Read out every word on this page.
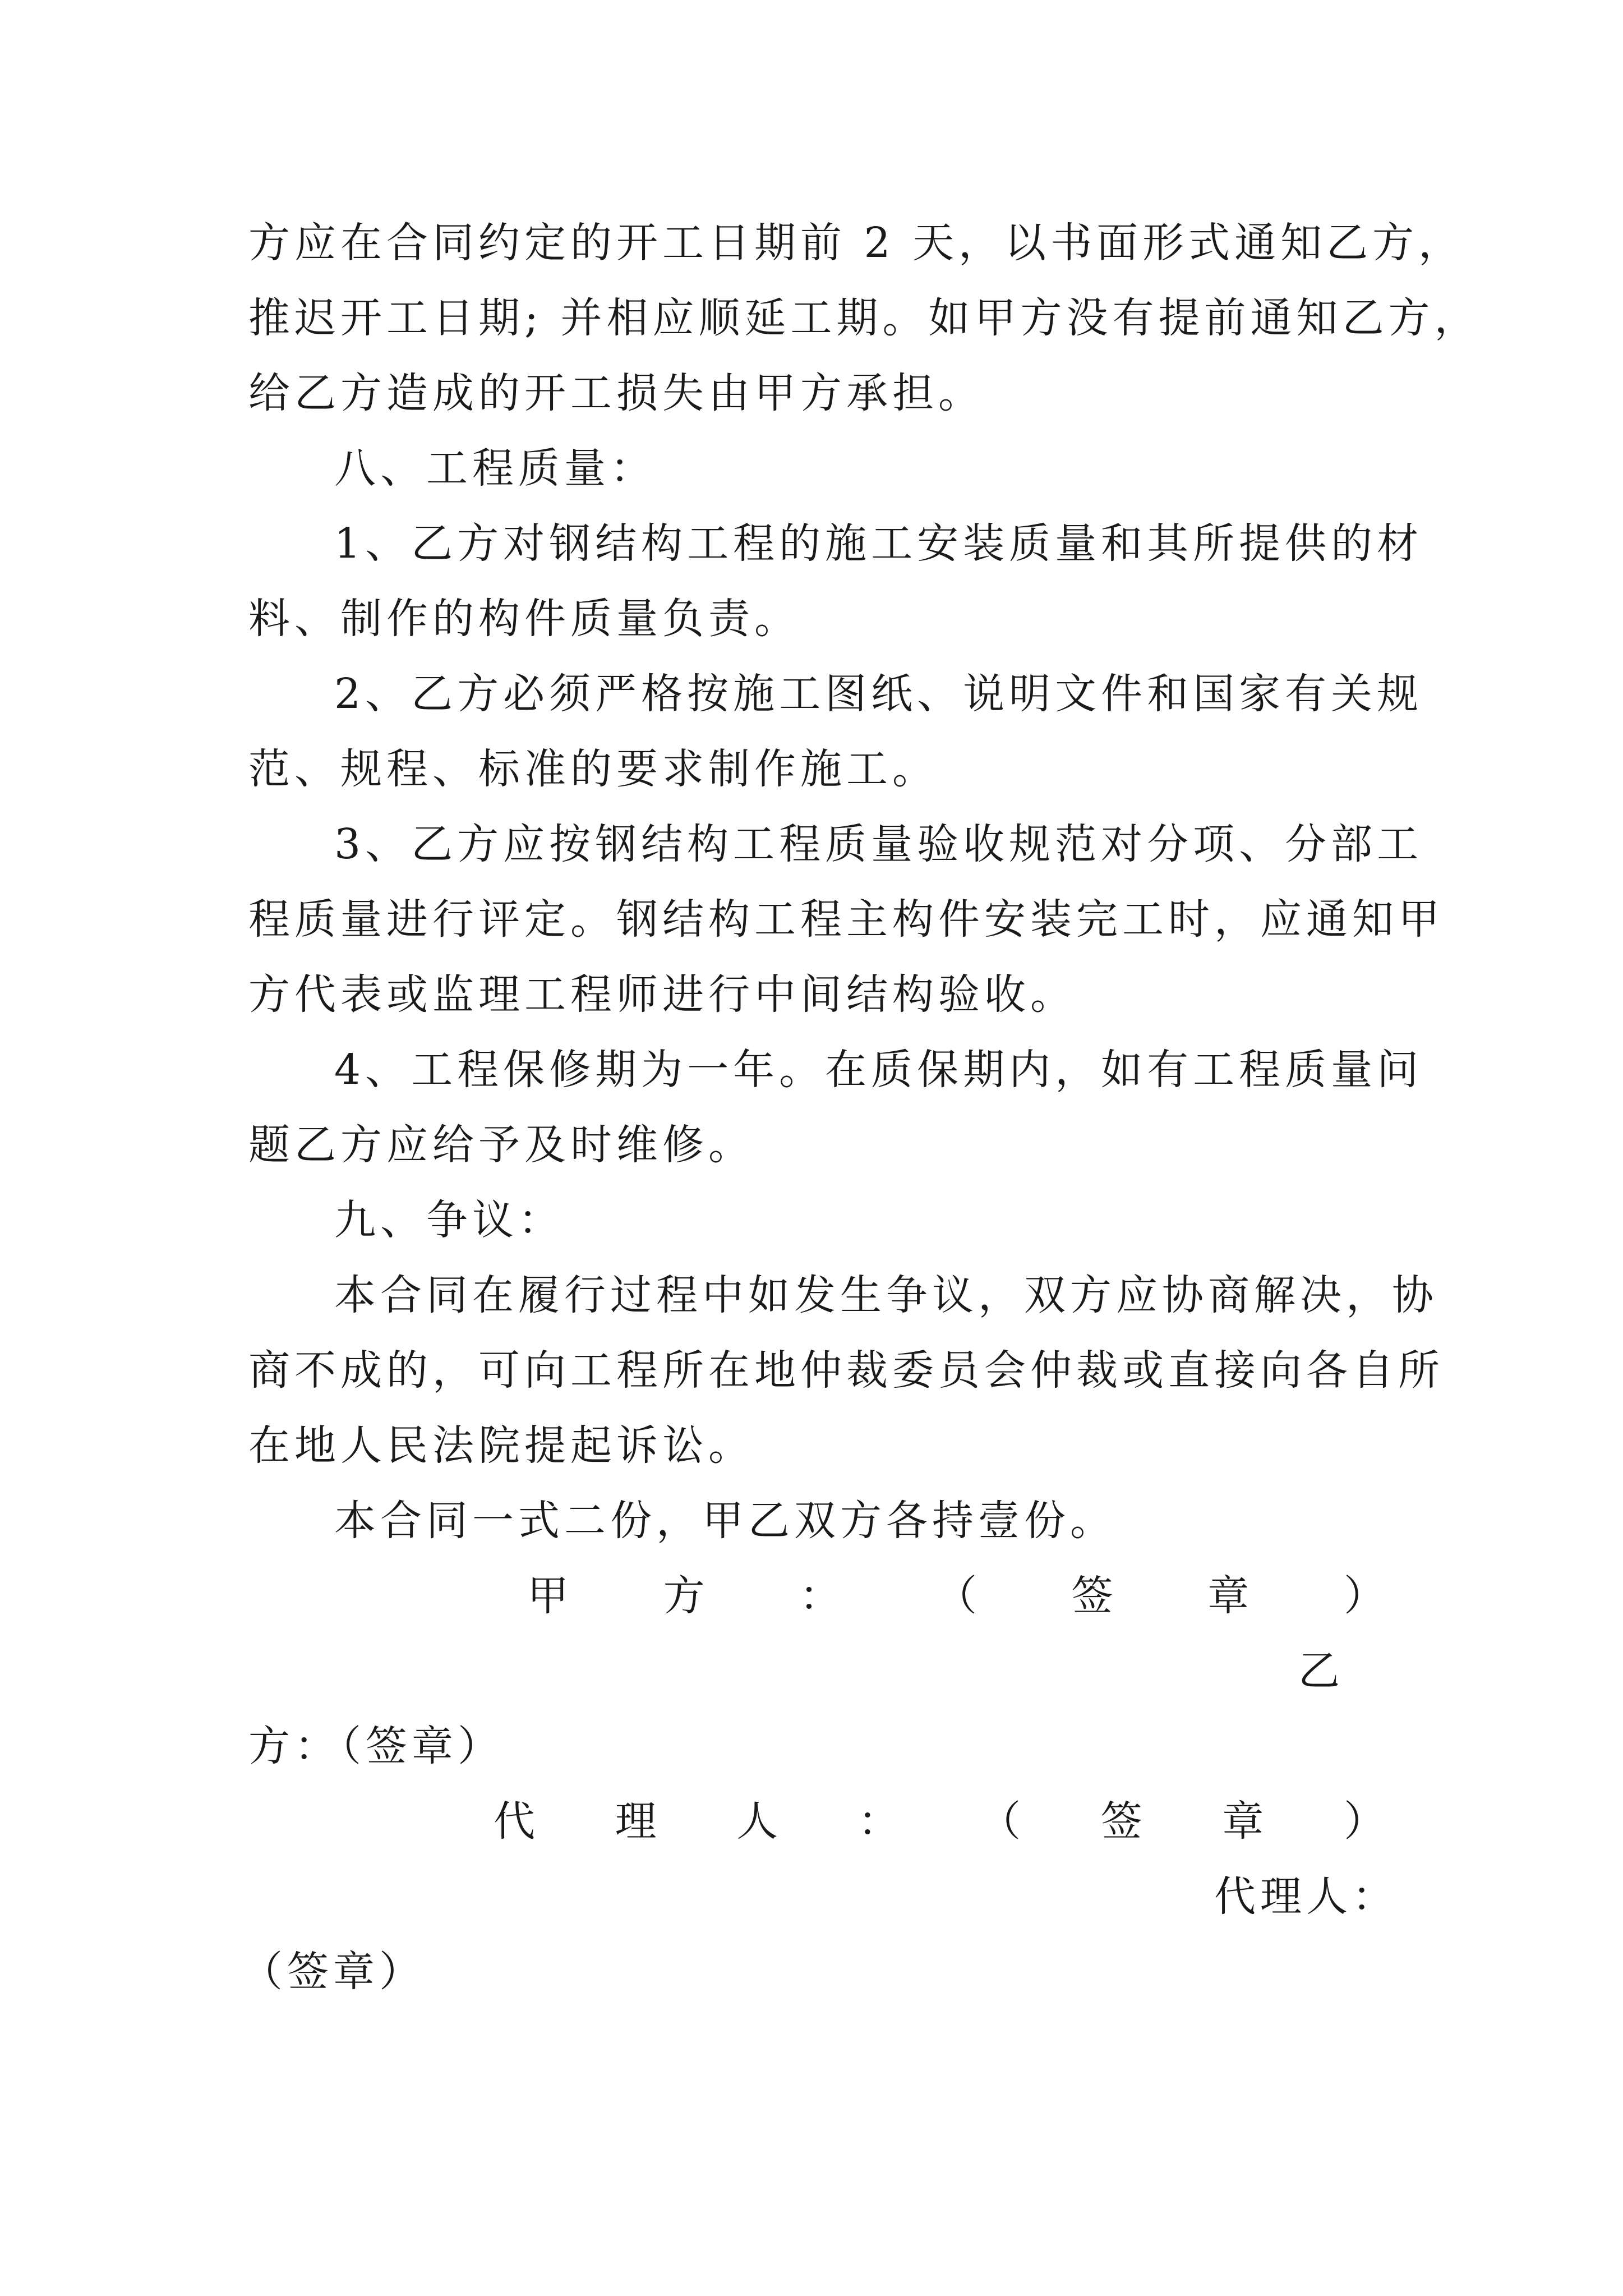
方应在合同约定的开工日期前 2 天，以书面形式通知乙方，
推迟开工日期; 并相应顺延工期。如甲方没有提前通知乙方，
给乙方造成的开工损失由甲方承担。
八、工程质量：
1、乙方对钢结构工程的施工安装质量和其所提供的材
料、制作的构件质量负责。
2、乙方必须严格按施工图纸、说明文件和国家有关规
范、规程、标准的要求制作施工。
3、乙方应按钢结构工程质量验收规范对分项、分部工
程质量进行评定。钢结构工程主构件安装完工时，应通知甲
方代表或监理工程师进行中间结构验收。
4、工程保修期为一年。在质保期内，如有工程质量问
题乙方应给予及时维修。
九、争议：
本合同在履行过程中如发生争议，双方应协商解决，协
商不成的，可向工程所在地仲裁委员会仲裁或直接向各自所
在地人民法院提起诉讼。
本合同一式二份，甲乙双方各持壹份。
甲 方 ： （ 签 章 ）
乙
方：（签章）
代 理 人 ： （ 签 章 ）
代理人：
（签章）
